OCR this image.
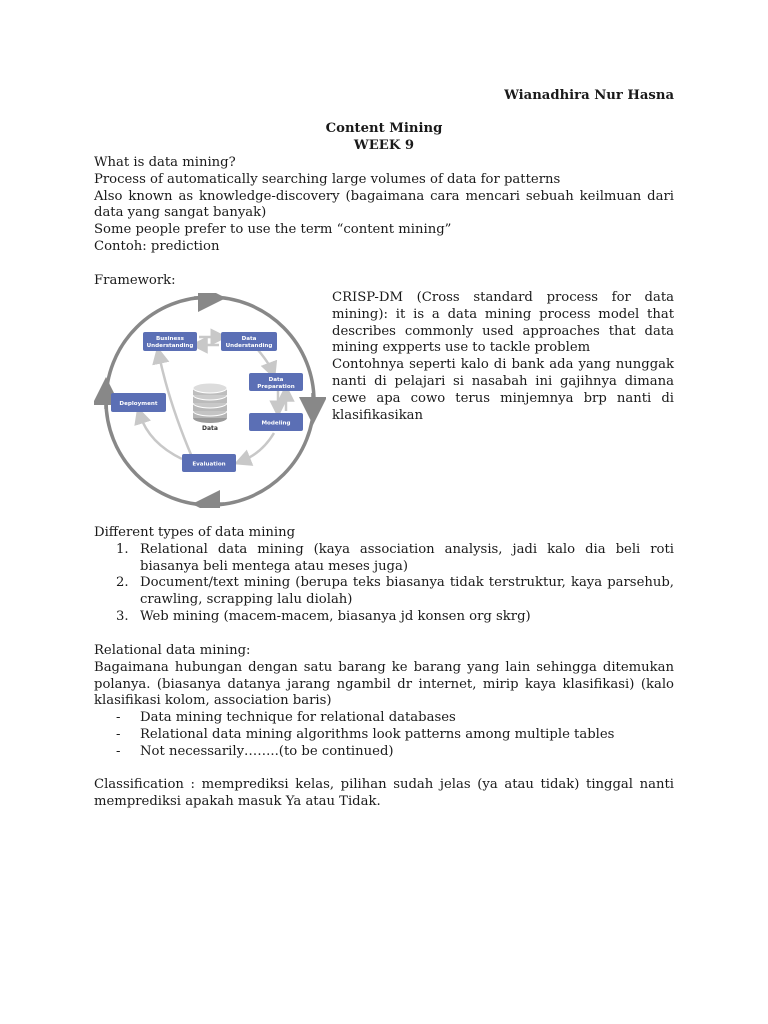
Wianadhira Nur Hasna
Content Mining
WEEK 9

What is data mining?

Process of automatically searching large volumes of data for patterns

Also known as knowledge-discovery (bagaimana cara mencari sebuah keilmuan dari data yang sangat banyak)

Some people prefer to use the term “content mining”

Contoh: prediction

Framework:

Business
Understanding
Data
Understanding
Data
Preparation
Modeling
Evaluation
Deployment
Data

CRISP-DM (Cross standard process for data mining): it is a data mining process model that describes commonly used approaches that data mining expperts use to tackle problem

Contohnya seperti kalo di bank ada yang nunggak nanti di pelajari si nasabah ini gajihnya dimana cewe apa cowo terus minjemnya brp nanti di klasifikasikan

Different types of data mining
1. Relational data mining (kaya association analysis, jadi kalo dia beli roti biasanya beli mentega atau meses juga)
2. Document/text mining (berupa teks biasanya tidak terstruktur, kaya parsehub, crawling, scrapping lalu diolah)
3. Web mining (macem-macem, biasanya jd konsen org skrg)
Relational data mining:

Bagaimana hubungan dengan satu barang ke barang yang lain sehingga ditemukan polanya. (biasanya datanya jarang ngambil dr internet, mirip kaya klasifikasi) (kalo klasifikasi kolom, association baris)

- Data mining technique for relational databases
- Relational data mining algorithms look patterns among multiple tables
- Not necessarily……..(to be continued)

Classification : memprediksi kelas, pilihan sudah jelas (ya atau tidak) tinggal nanti memprediksi apakah masuk Ya atau Tidak.
